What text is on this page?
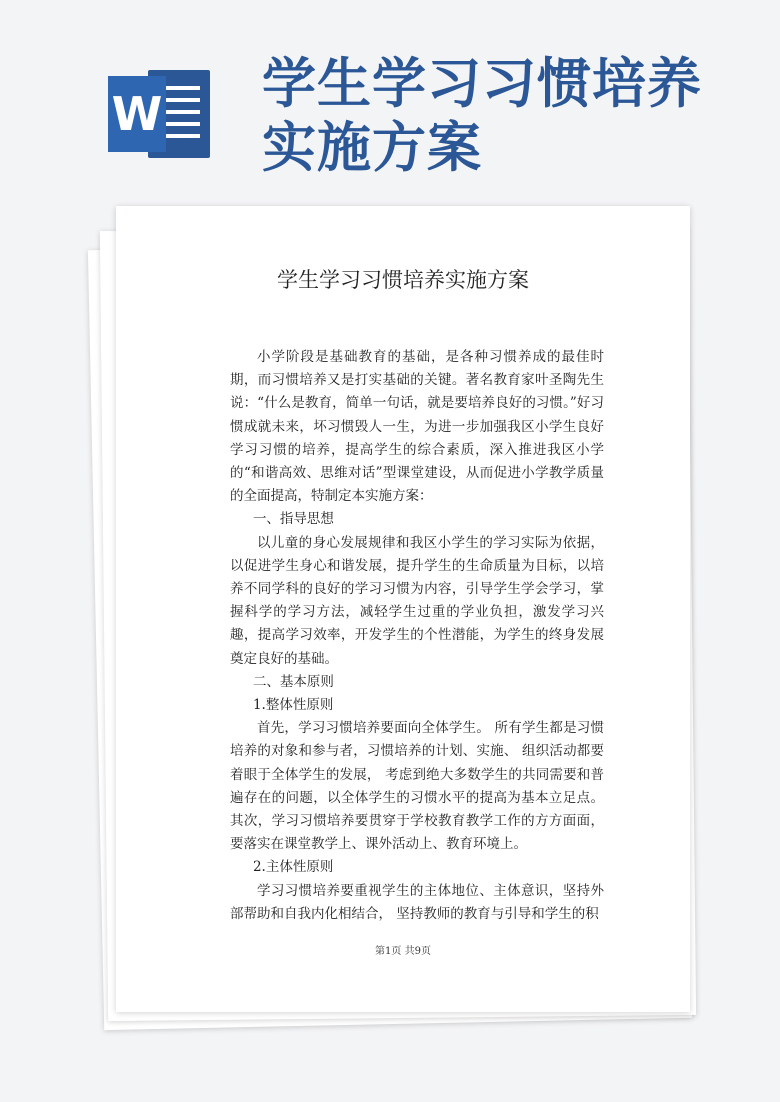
W 学生学习习惯培养
实施方案
学生学习习惯培养实施方案

小学阶段是基础教育的基础，是各种习惯养成的最佳时期，而习惯培养又是打实基础的关键。著名教育家叶圣陶先生说：“什么是教育，简单一句话，就是要培养良好的习惯。”好习惯成就未来，坏习惯毁人一生，为进一步加强我区小学生良好学习习惯的培养，提高学生的综合素质，深入推进我区小学的“和谐高效、思维对话”型课堂建设，从而促进小学教学质量的全面提高，特制定本实施方案：

一、指导思想

以儿童的身心发展规律和我区小学生的学习实际为依据，以促进学生身心和谐发展，提升学生的生命质量为目标，以培养不同学科的良好的学习习惯为内容，引导学生学会学习，掌握科学的学习方法，减轻学生过重的学业负担，激发学习兴趣，提高学习效率，开发学生的个性潜能，为学生的终身发展奠定良好的基础。

二、基本原则

1.整体性原则

首先，学习习惯培养要面向全体学生。 所有学生都是习惯培养的对象和参与者，习惯培养的计划、实施、 组织活动都要着眼于全体学生的发展， 考虑到绝大多数学生的共同需要和普遍存在的问题，以全体学生的习惯水平的提高为基本立足点。其次，学习习惯培养要贯穿于学校教育教学工作的方方面面，要落实在课堂教学上、课外活动上、教育环境上。

2.主体性原则

学习习惯培养要重视学生的主体地位、主体意识，坚持外部帮助和自我内化相结合， 坚持教师的教育与引导和学生的积

第1页 共9页
